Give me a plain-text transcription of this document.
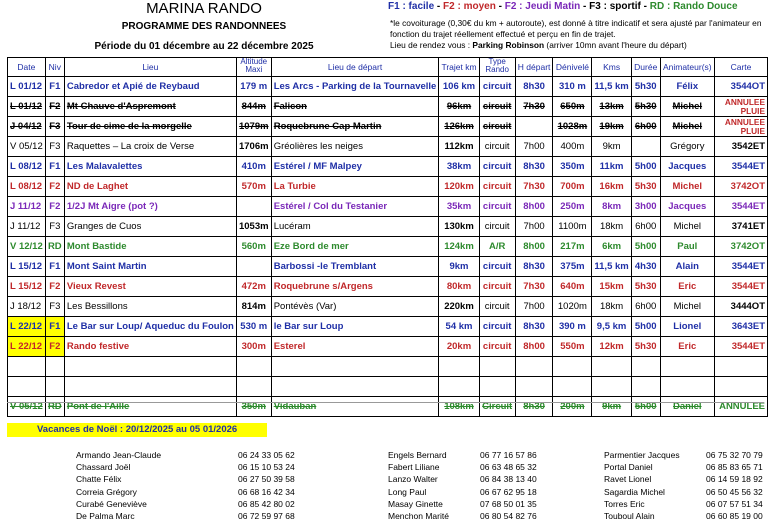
MARINA RANDO
PROGRAMME DES RANDONNEES
Période du 01 décembre au 22 décembre 2025
F1 : facile - F2 : moyen - F2 : Jeudi Matin - F3 : sportif - RD : Rando Douce
*le covoiturage (0,30€ du km + autoroute), est donné à titre indicatif et sera ajusté par l'animateur en fonction du trajet réellement effectué et perçu en fin de trajet.
Lieu de rendez vous : Parking Robinson (arriver 10mn avant l'heure du départ)
Date	Niv	Lieu	Altitude Maxi	Lieu de départ	Trajet km	Type Rando	H départ	Dénivelé	Kms	Durée	Animateur(s)	Carte
L 01/12	F1	Cabredor et Apié de Reybaud	179 m	Les Arcs - Parking de la Tournavelle	106 km	circuit	8h30	310 m	11,5 km	5h30	Félix	3544OT
L 01/12	F2	Mt Chauve d'Aspremont	844m	Falicon	96km	circuit	7h30	650m	13km	5h30	Michel	ANNULEE PLUIE
J 04/12	F3	Tour de cime de la morgelle	1079m	Roquebrune Cap Martin	126km	circuit		1028m	19km	6h00	Michel	ANNULEE PLUIE
V 05/12	F3	Raquettes – La croix de Verse	1706m	Gréolières les neiges	112km	circuit	7h00	400m	9km		Grégory	3542ET
L 08/12	F1	Les Malavalettes	410m	Estérel / MF Malpey	38km	circuit	8h30	350m	11km	5h00	Jacques	3544ET
L 08/12	F2	ND de Laghet	570m	La Turbie	120km	circuit	7h30	700m	16km	5h30	Michel	3742OT
J 11/12	F2	1/2J Mt Aigre (pot ?)		Estérel / Col du Testanier	35km	circuit	8h00	250m	8km	3h00	Jacques	3544ET
J 11/12	F3	Granges de Cuos	1053m	Lucéram	130km	circuit	7h00	1100m	18km	6h00	Michel	3741ET
V 12/12	RD	Mont Bastide	560m	Eze Bord de mer	124km	A/R	8h00	217m	6km	5h00	Paul	3742OT
L 15/12	F1	Mont Saint Martin		Barbossi -le Tremblant	9km	circuit	8h30	375m	11,5 km	4h30	Alain	3544ET
L 15/12	F2	Vieux Revest	472m	Roquebrune s/Argens	80km	circuit	7h30	640m	15km	5h30	Eric	3544ET
J 18/12	F3	Les Bessillons	814m	Pontévès (Var)	220km	circuit	7h00	1020m	18km	6h00	Michel	3444OT
L 22/12	F1	Le Bar sur Loup/ Aqueduc du Foulon	530 m	le Bar sur Loup	54 km	circuit	8h30	390 m	9,5 km	5h00	Lionel	3643ET
L 22/12	F2	Rando festive	300m	Esterel	20km	circuit	8h00	550m	12km	5h30	Eric	3544ET

V 05/12	RD	Pont de l'Aille	350m	Vidauban	108km	Circuit	8h30	200m	9km	5h00	Daniel	ANNULEE
Vacances de Noël : 20/12/2025 au 05 01/2026
Armando Jean-Claude	06 24 33 05 62	Engels Bernard	06 77 16 57 86	Parmentier Jacques	06 75 32 70 79
Chassard Joël	06 15 10 53 24	Fabert Liliane	06 63 48 65 32	Portal Daniel	06 85 83 65 71
Chatte Félix	06 27 50 39 58	Lanzo Walter	06 84 38 13 40	Ravet Lionel	06 14 59 18 92
Correia Grégory	06 68 16 42 34	Long Paul	06 67 62 95 18	Sagardia Michel	06 50 45 56 32
Curabé Geneviève	06 85 42 80 02	Masay Ginette	07 68 50 01 35	Torres Eric	06 07 57 51 34
De Palma Marc	06 72 59 97 68	Menchon Marité	06 80 54 82 76	Touboul Alain	06 60 85 19 00
